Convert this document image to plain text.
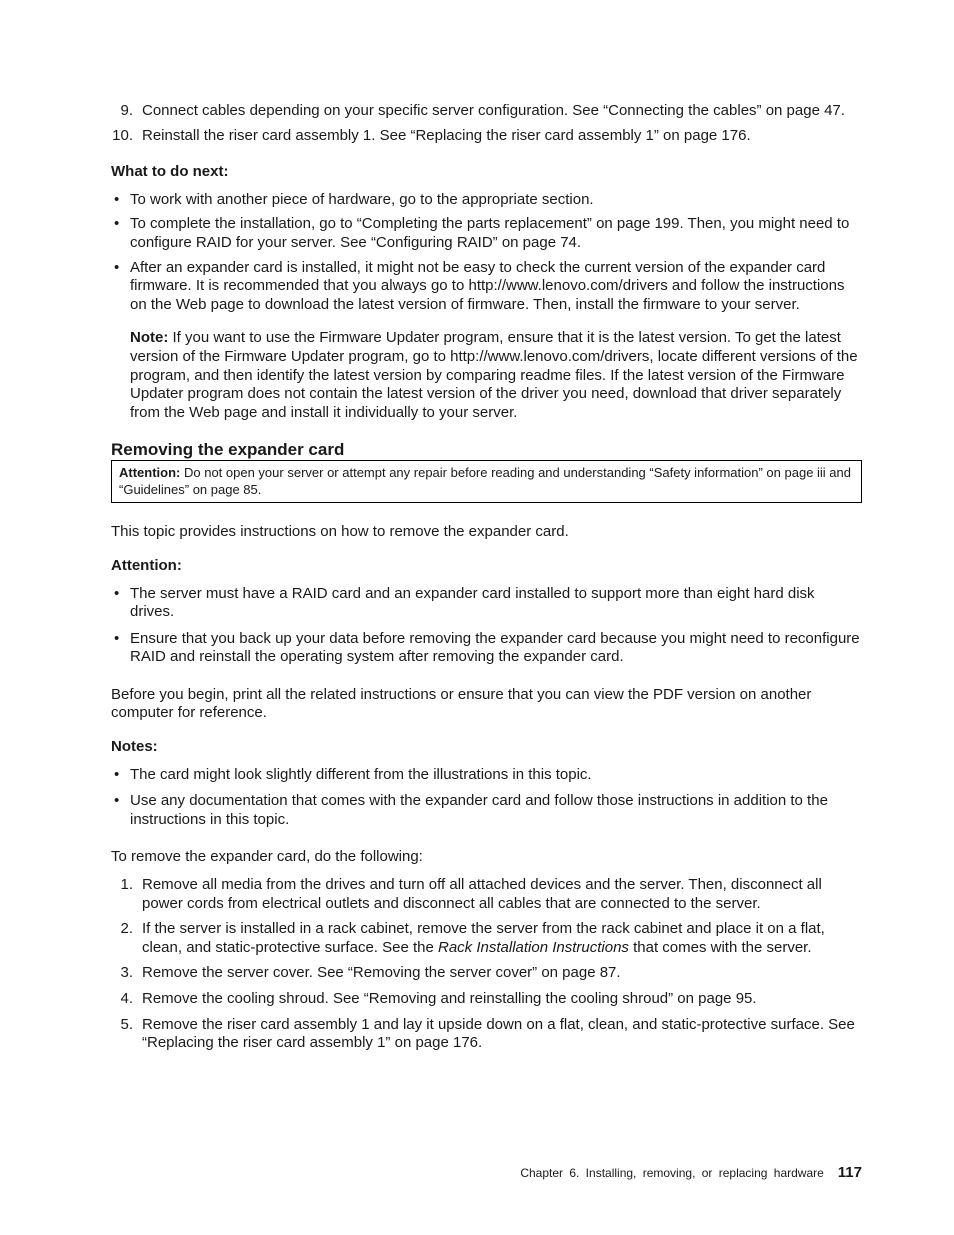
9. Connect cables depending on your specific server configuration. See “Connecting the cables” on page 47.
10. Reinstall the riser card assembly 1. See “Replacing the riser card assembly 1” on page 176.

What to do next:

• To work with another piece of hardware, go to the appropriate section.
• To complete the installation, go to “Completing the parts replacement” on page 199. Then, you might need to configure RAID for your server. See “Configuring RAID” on page 74.
• After an expander card is installed, it might not be easy to check the current version of the expander card firmware. It is recommended that you always go to http://www.lenovo.com/drivers and follow the instructions on the Web page to download the latest version of firmware. Then, install the firmware to your server.

Note: If you want to use the Firmware Updater program, ensure that it is the latest version. To get the latest version of the Firmware Updater program, go to http://www.lenovo.com/drivers, locate different versions of the program, and then identify the latest version by comparing readme files. If the latest version of the Firmware Updater program does not contain the latest version of the driver you need, download that driver separately from the Web page and install it individually to your server.

Removing the expander card

Attention: Do not open your server or attempt any repair before reading and understanding “Safety information” on page iii and “Guidelines” on page 85.

This topic provides instructions on how to remove the expander card.

Attention:

• The server must have a RAID card and an expander card installed to support more than eight hard disk drives.
• Ensure that you back up your data before removing the expander card because you might need to reconfigure RAID and reinstall the operating system after removing the expander card.

Before you begin, print all the related instructions or ensure that you can view the PDF version on another computer for reference.

Notes:

• The card might look slightly different from the illustrations in this topic.
• Use any documentation that comes with the expander card and follow those instructions in addition to the instructions in this topic.

To remove the expander card, do the following:

1. Remove all media from the drives and turn off all attached devices and the server. Then, disconnect all power cords from electrical outlets and disconnect all cables that are connected to the server.
2. If the server is installed in a rack cabinet, remove the server from the rack cabinet and place it on a flat, clean, and static-protective surface. See the Rack Installation Instructions that comes with the server.
3. Remove the server cover. See “Removing the server cover” on page 87.
4. Remove the cooling shroud. See “Removing and reinstalling the cooling shroud” on page 95.
5. Remove the riser card assembly 1 and lay it upside down on a flat, clean, and static-protective surface. See “Replacing the riser card assembly 1” on page 176.
Chapter 6. Installing, removing, or replacing hardware 117
